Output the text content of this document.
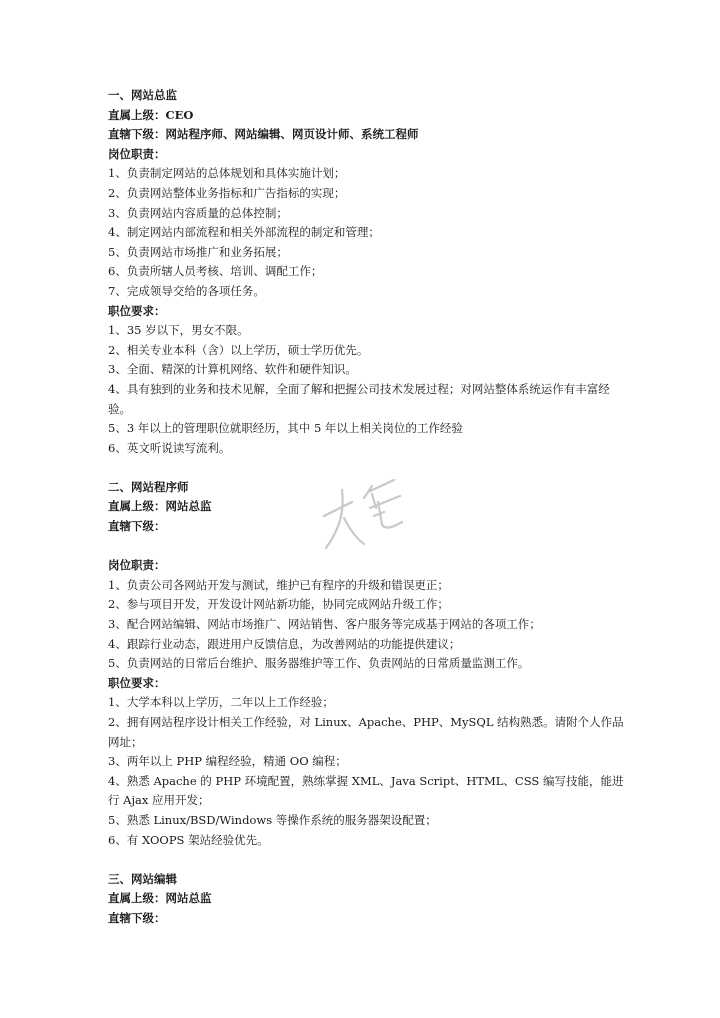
一、网站总监
直属上级：CEO
直辖下级：网站程序师、网站编辑、网页设计师、系统工程师
岗位职责：
1、负责制定网站的总体规划和具体实施计划；
2、负责网站整体业务指标和广告指标的实现；
3、负责网站内容质量的总体控制；
4、制定网站内部流程和相关外部流程的制定和管理；
5、负责网站市场推广和业务拓展；
6、负责所辖人员考核、培训、调配工作；
7、完成领导交给的各项任务。
职位要求：
1、35 岁以下，男女不限。
2、相关专业本科（含）以上学历，硕士学历优先。
3、全面、精深的计算机网络、软件和硬件知识。
4、具有独到的业务和技术见解，全面了解和把握公司技术发展过程；对网站整体系统运作有丰富经验。
5、3 年以上的管理职位就职经历，其中 5 年以上相关岗位的工作经验
6、英文听说读写流利。
二、网站程序师
直属上级：网站总监
直辖下级：
岗位职责：
1、负责公司各网站开发与测试，维护已有程序的升级和错误更正；
2、参与项目开发，开发设计网站新功能，协同完成网站升级工作；
3、配合网站编辑、网站市场推广、网站销售、客户服务等完成基于网站的各项工作；
4、跟踪行业动态，跟进用户反馈信息，为改善网站的功能提供建议；
5、负责网站的日常后台维护、服务器维护等工作、负责网站的日常质量监测工作。
职位要求：
1、大学本科以上学历，二年以上工作经验；
2、拥有网站程序设计相关工作经验，对 Linux、Apache、PHP、MySQL 结构熟悉。请附个人作品网址；
3、两年以上 PHP 编程经验，精通 OO 编程；
4、熟悉 Apache 的 PHP 环境配置，熟练掌握 XML、Java Script、HTML、CSS 编写技能，能进行 Ajax 应用开发；
5、熟悉 Linux/BSD/Windows 等操作系统的服务器架设配置；
6、有 XOOPS 架站经验优先。
三、网站编辑
直属上级：网站总监
直辖下级：
